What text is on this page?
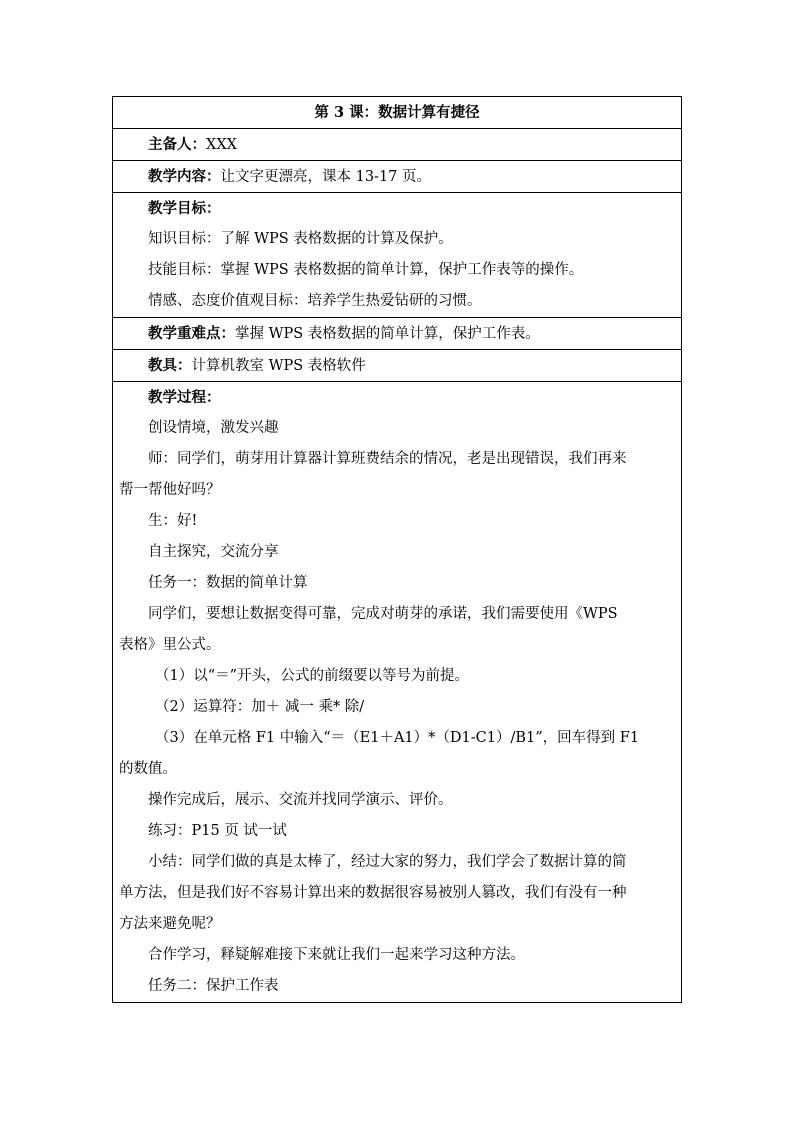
第 3 课：数据计算有捷径

主备人：XXX

教学内容：让文字更漂亮，课本 13-17 页。

教学目标：
知识目标：了解 WPS 表格数据的计算及保护。
技能目标：掌握 WPS 表格数据的简单计算，保护工作表等的操作。
情感、态度价值观目标：培养学生热爱钻研的习惯。

教学重难点：掌握 WPS 表格数据的简单计算，保护工作表。

教具：计算机教室 WPS 表格软件

教学过程：
创设情境，激发兴趣
师：同学们，萌芽用计算器计算班费结余的情况，老是出现错误，我们再来
帮一帮他好吗？
生：好!
自主探究，交流分享
任务一：数据的简单计算
同学们，要想让数据变得可靠，完成对萌芽的承诺，我们需要使用《WPS
表格》里公式。
（1）以“＝”开头，公式的前缀要以等号为前提。
（2）运算符：加＋ 减一 乘* 除/
（3）在单元格 F1 中输入“＝（E1＋A1）*（D1-C1）/B1”，回车得到 F1
的数值。
操作完成后，展示、交流并找同学演示、评价。
练习：P15 页 试一试
小结：同学们做的真是太棒了，经过大家的努力，我们学会了数据计算的简
单方法，但是我们好不容易计算出来的数据很容易被别人篡改，我们有没有一种
方法来避免呢？
合作学习，释疑解难接下来就让我们一起来学习这种方法。
任务二：保护工作表
